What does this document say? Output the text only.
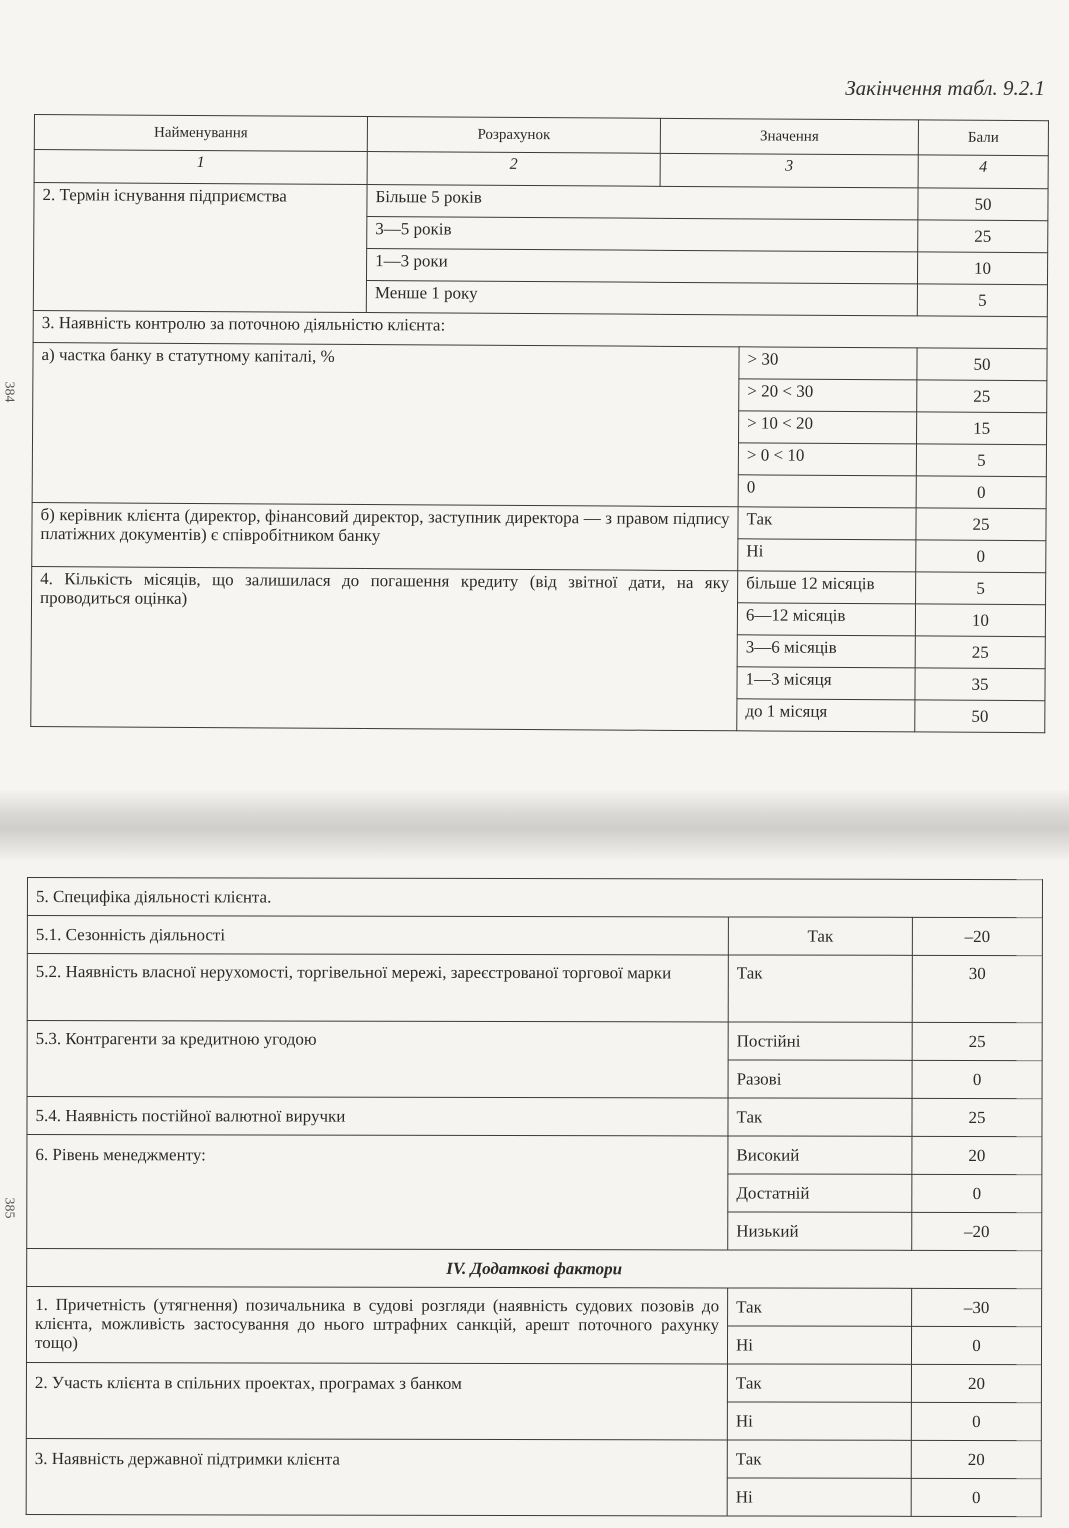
Закінчення табл. 9.2.1
384
385
Найменування	Розрахунок	Значення		Бали
1	2	3		4
2. Термін існування підприємства	Більше 5 років			50
	3—5 років			25
	1—3 роки			10
	Менше 1 року			5
3. Наявність контролю за поточною діяльністю клієнта:				
а) частка банку в статутному капіталі, %			> 30	50
			> 20 < 30	25
			> 10 < 20	15
			> 0 < 10	5
			0	0
б) керівник клієнта (директор, фінансовий директор, заступник директора — з правом підпису платіжних документів) є співробітником банку			Так	25
			Ні	0
4. Кількість місяців, що залишилася до погашення кредиту (від звітної дати, на яку проводиться оцінка)			більше 12 місяців	5
			6—12 місяців	10
			3—6 місяців	25
			1—3 місяця	35
			до 1 місяця	50
5. Специфіка діяльності клієнта.		
5.1. Сезонність діяльності	Так	–20
5.2. Наявність власної нерухомості, торгівельної мережі, зареєстрованої торгової марки	Так	30
5.3. Контрагенти за кредитною угодою	Постійні	25
	Разові	0
5.4. Наявність постійної валютної виручки	Так	25
6. Рівень менеджменту:	Високий	20
	Достатній	0
	Низький	–20
IV. Додаткові фактори		
1. Причетність (утягнення) позичальника в судові розгляди (наявність судових позовів до клієнта, можливість застосування до нього штрафних санкцій, арешт поточного рахунку тощо)	Так	–30
	Ні	0
2. Участь клієнта в спільних проектах, програмах з банком	Так	20
	Ні	0
3. Наявність державної підтримки клієнта	Так	20
	Ні	0
